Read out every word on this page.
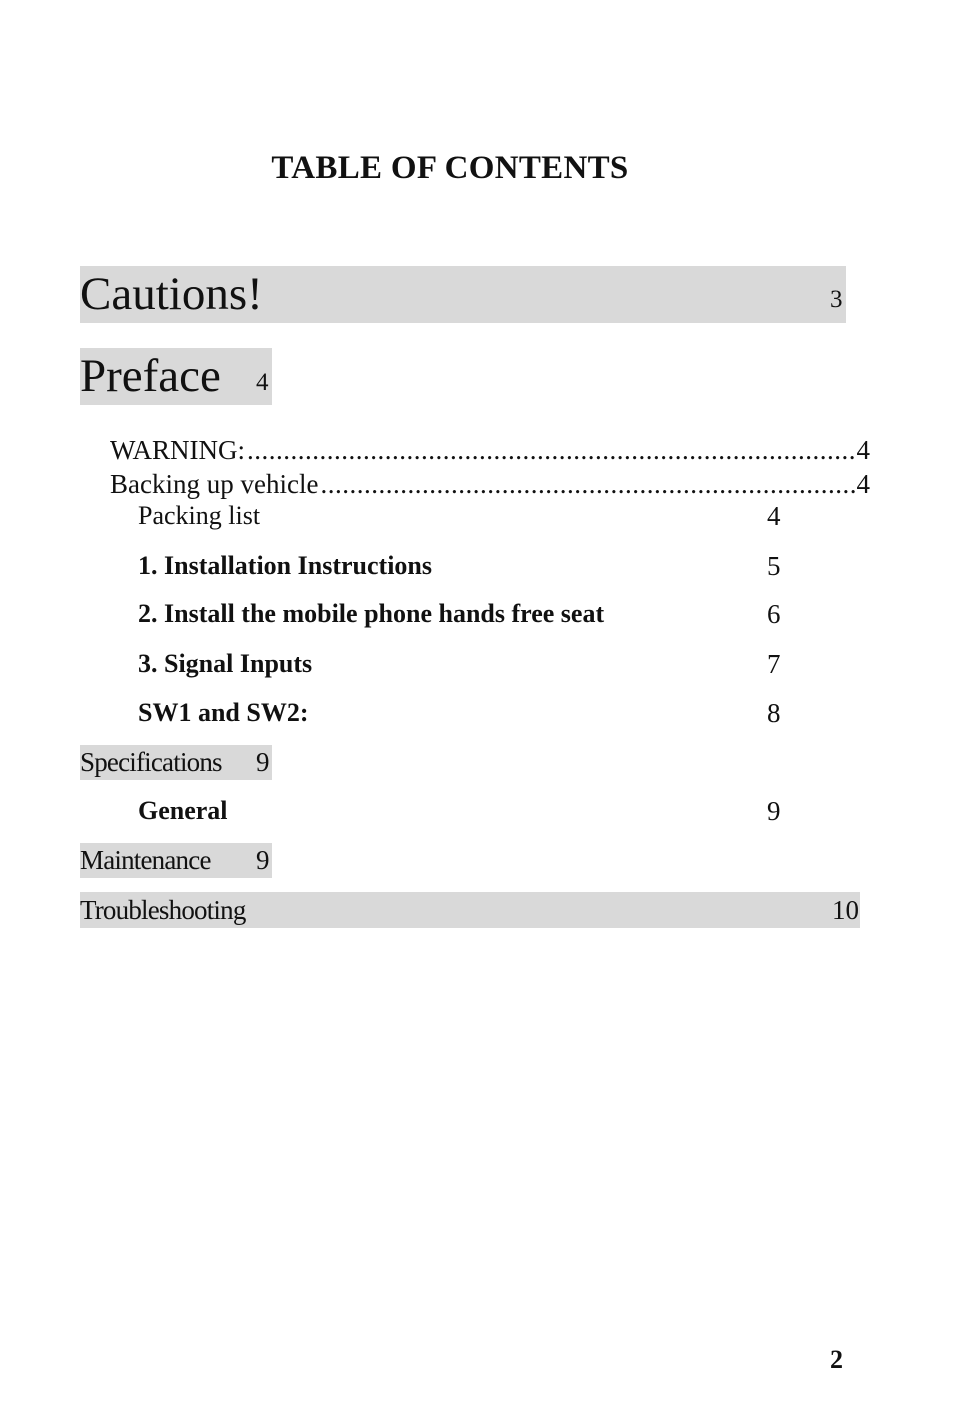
TABLE OF CONTENTS
Cautions!	3
Preface 4
WARNING: .....	4
Backing up vehicle .....	4
Packing list	4
1. Installation Instructions	5
2. Install the mobile phone hands free seat	6
3. Signal Inputs	7
SW1 and SW2:	8
Specifications 9
General	9
Maintenance 9
Troubleshooting	10
2
